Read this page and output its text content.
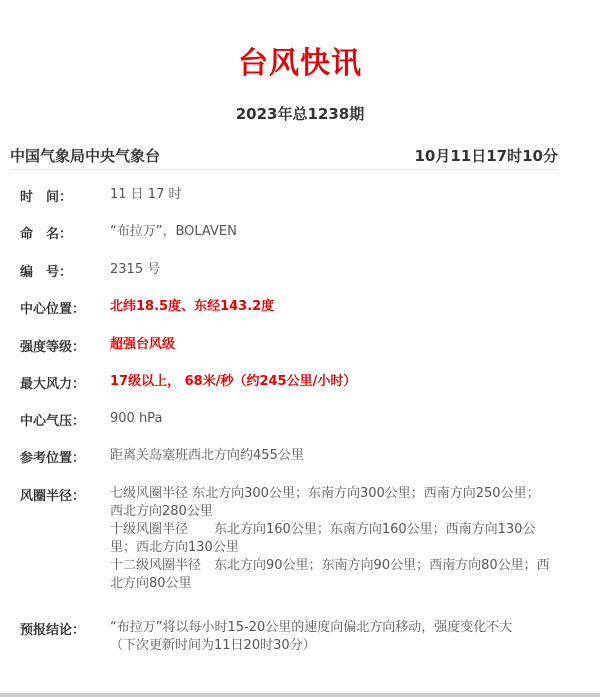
台风快讯
2023年总1238期
中国气象局中央气象台	10月11日17时10分
时　间：	11 日 17 时
命　名：	“布拉万”，BOLAVEN
编　号：	2315 号
中心位置：	北纬18.5度、东经143.2度
强度等级：	超强台风级
最大风力：	17级以上， 68米/秒（约245公里/小时）
中心气压：	900 hPa
参考位置：	距离关岛塞班西北方向约455公里
风圈半径：	七级风圈半径 东北方向300公里；东南方向300公里；西南方向250公里；西北方向280公里
十级风圈半径　　东北方向160公里；东南方向160公里；西南方向130公里；西北方向130公里
十二级风圈半径　东北方向90公里；东南方向90公里；西南方向80公里；西北方向80公里
预报结论：	“布拉万”将以每小时15-20公里的速度向偏北方向移动，强度变化不大
（下次更新时间为11日20时30分）
